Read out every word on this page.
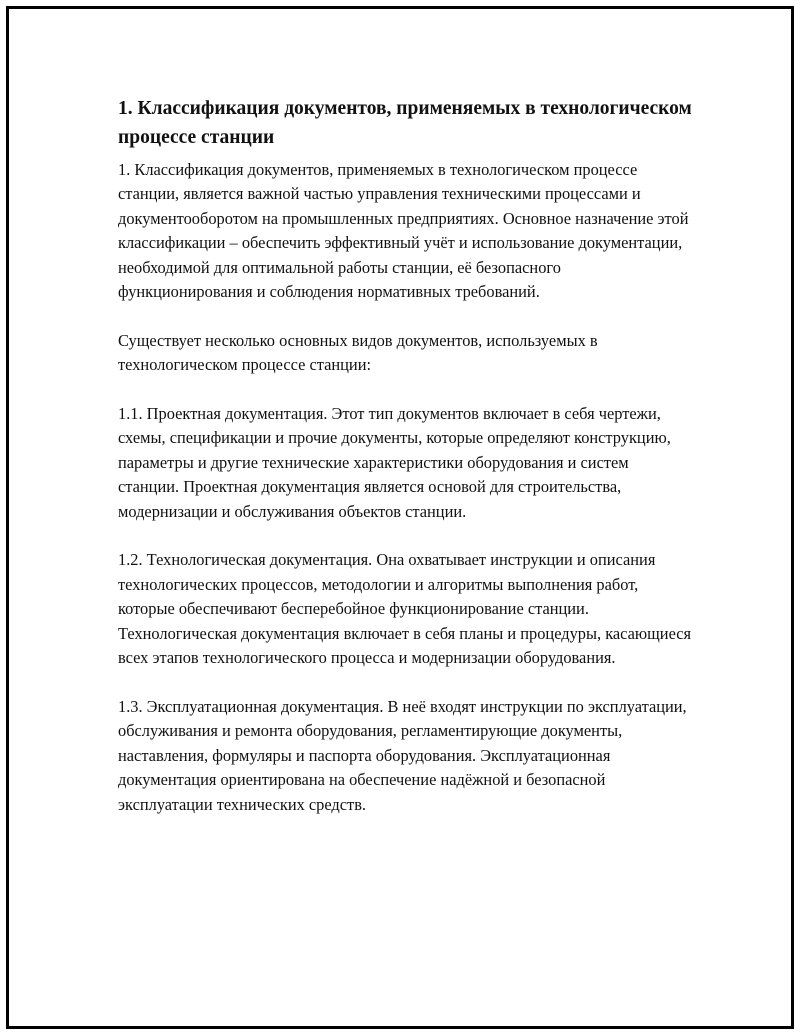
1. Классификация документов, применяемых в технологическом процессе станции

1. Классификация документов, применяемых в технологическом процессе станции, является важной частью управления техническими процессами и документооборотом на промышленных предприятиях. Основное назначение этой классификации – обеспечить эффективный учёт и использование документации, необходимой для оптимальной работы станции, её безопасного функционирования и соблюдения нормативных требований.

Существует несколько основных видов документов, используемых в технологическом процессе станции:

1.1. Проектная документация. Этот тип документов включает в себя чертежи, схемы, спецификации и прочие документы, которые определяют конструкцию, параметры и другие технические характеристики оборудования и систем станции. Проектная документация является основой для строительства, модернизации и обслуживания объектов станции.

1.2. Технологическая документация. Она охватывает инструкции и описания технологических процессов, методологии и алгоритмы выполнения работ, которые обеспечивают бесперебойное функционирование станции. Технологическая документация включает в себя планы и процедуры, касающиеся всех этапов технологического процесса и модернизации оборудования.

1.3. Эксплуатационная документация. В неё входят инструкции по эксплуатации, обслуживания и ремонта оборудования, регламентирующие документы, наставления, формуляры и паспорта оборудования. Эксплуатационная документация ориентирована на обеспечение надёжной и безопасной эксплуатации технических средств.
